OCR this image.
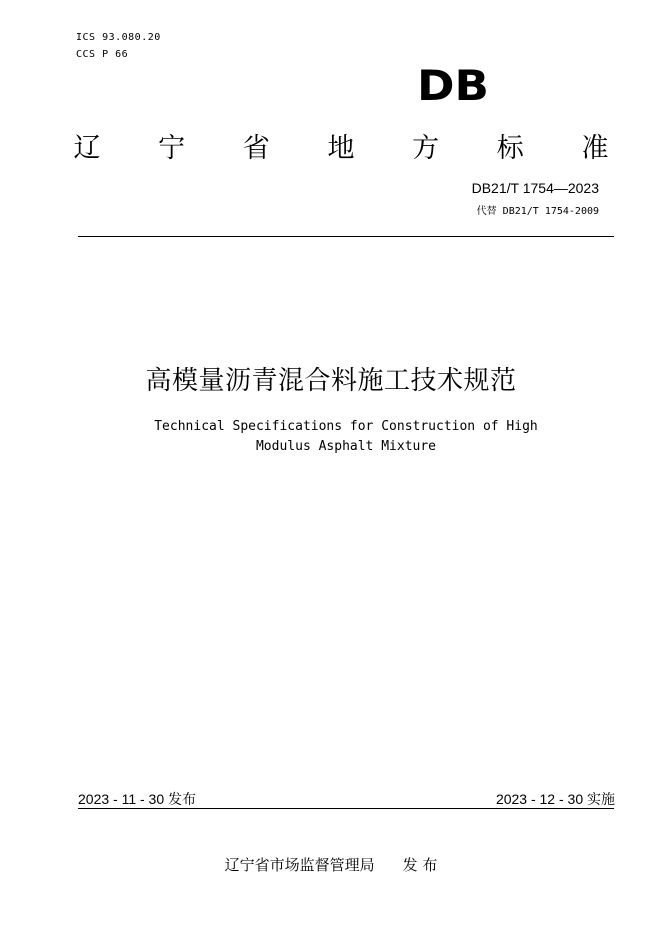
ICS 93.080.20
CCS P 66
DB
辽 宁 省 地 方 标 准
DB21/T 1754—2023
代替 DB21/T 1754-2009
高模量沥青混合料施工技术规范
Technical Specifications for Construction of High
Modulus Asphalt Mixture
2023 - 11 - 30 发布	2023 - 12 - 30 实施
辽宁省市场监督管理局 发 布
